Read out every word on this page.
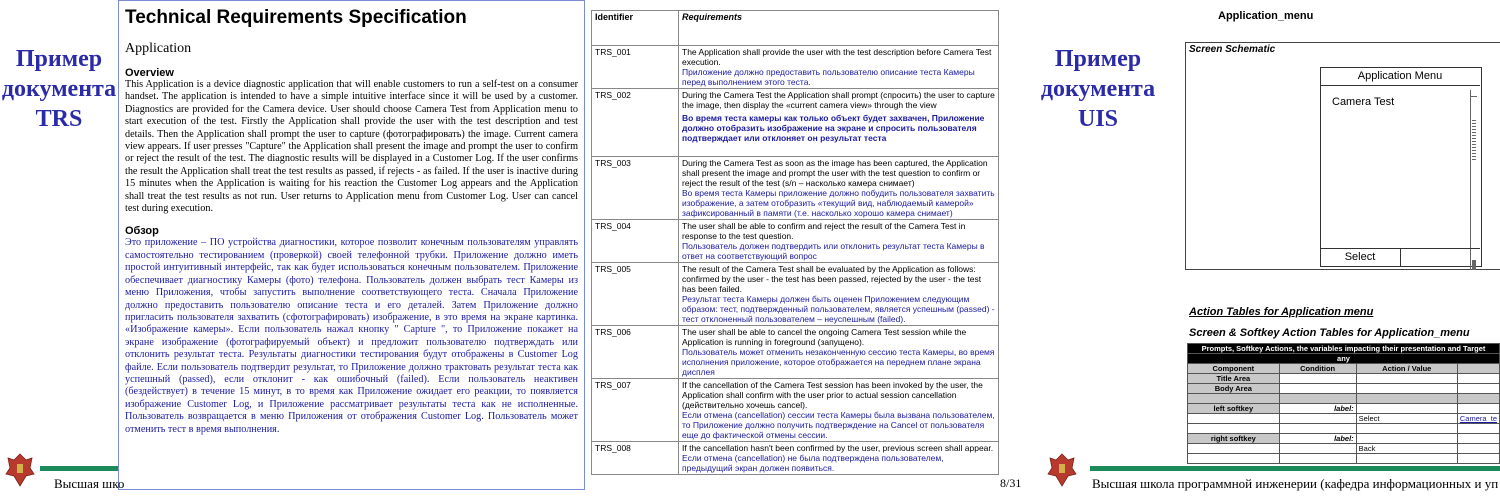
Пример
документа
TRS
Technical Requirements Specification
Application
Overview
This Application is a device diagnostic application that will enable customers to run a self-test on a consumer handset. The application is intended to have a simple intuitive interface since it will be used by a customer. Diagnostics are provided for the Camera device. User should choose Camera Test from Application menu to start execution of the test. Firstly the Application shall provide the user with the test description and test details. Then the Application shall prompt the user to capture (фотографировать) the image. Current camera view appears. If user presses "Capture" the Application shall present the image and prompt the user to confirm or reject the result of the test. The diagnostic results will be displayed in a Customer Log. If the user confirms the result the Application shall treat the test results as passed, if rejects - as failed. If the user is inactive during 15 minutes when the Application is waiting for his reaction the Customer Log appears and the Application shall treat the test results as not run. User returns to Application menu from Customer Log. User can cancel test during execution.
Обзор
Это приложение – ПО устройства диагностики, которое позволит конечным пользователям управлять самостоятельно тестированием (проверкой) своей телефонной трубки. Приложение должно иметь простой интуитивный интерфейс, так как будет использоваться конечным пользователем. Приложение обеспечивает диагностику Камеры (фото) телефона. Пользователь должен выбрать тест Камеры из меню Приложения, чтобы запустить выполнение соответствующего теста. Сначала Приложение должно предоставить пользователю описание теста и его деталей. Затем Приложение должно пригласить пользователя захватить (сфотографировать) изображение, в это время на экране картинка. «Изображение камеры». Если пользователь нажал кнопку " Capture ", то Приложение покажет на экране изображение (фотографируемый объект) и предложит пользователю подтверждать или отклонить результат теста. Результаты диагностики тестирования будут отображены в Customer Log файле. Если пользователь подтвердит результат, то Приложение должно трактовать результат теста как успешный (passed), если отклонит - как ошибочный (failed). Если пользователь неактивен (бездействует) в течение 15 минут, в то время как Приложение ожидает его реакции, то появляется изображение Customer Log, и Приложение рассматривает результаты теста как не исполненные. Пользователь возвращается в меню Приложения от отображения Customer Log. Пользователь может отменить тест в время выполнения.
Высшая шко
Identifier	Requirements
TRS_001	The Application shall provide the user with the test description before Camera Test execution.
Приложение должно предоставить пользователю описание теста Камеры перед выполнением этого теста.

TRS_002	During the Camera Test the Application shall prompt (спросить) the user to capture the image, then display the «current camera view» through the view
Во время теста камеры как только объект будет захвачен, Приложение должно отобразить изображение на экране и спросить пользователя подтверждает или отклоняет он результат теста

TRS_003	During the Camera Test as soon as the image has been captured, the Application shall present the image and prompt the user with the test question to confirm or reject the result of the test (s/n – насколько камера снимает)
Во время теста Камеры приложение должно побудить пользователя захватить изображение, а затем отобразить «текущий вид, наблюдаемый камерой» зафиксированный в памяти (т.е. насколько хорошо камера снимает)

TRS_004	The user shall be able to confirm and reject the result of the Camera Test in response to the test question.
Пользователь должен подтвердить или отклонить результат теста Камеры в ответ на соответствующий вопрос

TRS_005	The result of the Camera Test shall be evaluated by the Application as follows: confirmed by the user - the test has been passed, rejected by the user - the test has been failed.
Результат теста Камеры должен быть оценен Приложением следующим образом: тест, подтвержденный пользователем, является успешным (passed) - тест отклоненный пользователем – неуспешным (failed).

TRS_006	The user shall be able to cancel the ongoing Camera Test session while the Application is running in foreground (запущено).
Пользователь может отменить незаконченную сессию теста Камеры, во время исполнения приложение, которое отображается на переднем плане экрана дисплея

TRS_007	If the cancellation of the Camera Test session has been invoked by the user, the Application shall confirm with the user prior to actual session cancellation (действительно хочешь cancel).
Если отмена (cancellation) сессии теста Камеры была вызвана пользователем, то Приложение должно получить подтверждение на Cancel от пользователя еще до фактической отмены сессии.

TRS_008	If the cancellation hasn't been confirmed by the user, previous screen shall appear.
Если отмена (cancellation) не была подтверждена пользователем, предыдущий экран должен появиться.
8/31
Пример
документа
UIS
Application_menu
Screen Schematic
Application Menu
Camera Test
Select
Action Tables for Application menu
Screen & Softkey Action Tables for Application_menu
Prompts, Softkey Actions, the variables impacting their presentation and Target			
any			
Component	Condition	Action / Value	
Title Area			
Body Area			

left softkey	label:		
		Select	Camera_te

right softkey	label:		
		Back	

Высшая школа программной инженерии (кафедра информационных и уп
